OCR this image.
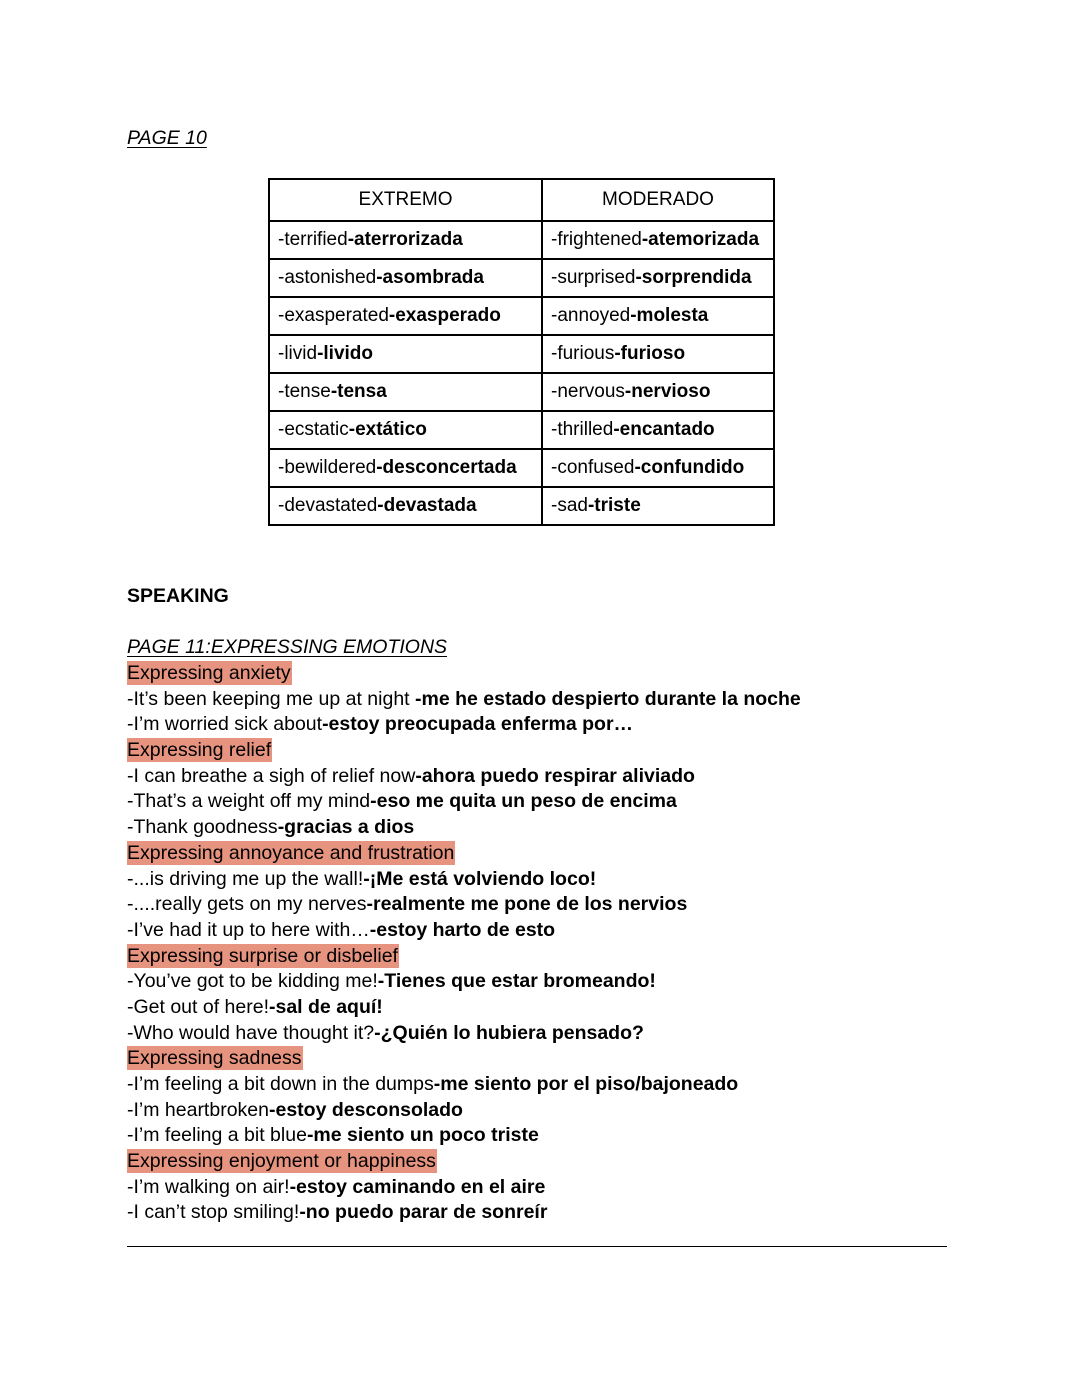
PAGE 10
EXTREMO	MODERADO
-terrified-aterrorizada	-frightened-atemorizada
-astonished-asombrada	-surprised-sorprendida
-exasperated-exasperado	-annoyed-molesta
-livid-livido	-furious-furioso
-tense-tensa	-nervous-nervioso
-ecstatic-extático	-thrilled-encantado
-bewildered-desconcertada	-confused-confundido
-devastated-devastada	-sad-triste
SPEAKING
PAGE 11:EXPRESSING EMOTIONS
Expressing anxiety
-It’s been keeping me up at night -me he estado despierto durante la noche
-I’m worried sick about-estoy preocupada enferma por…
Expressing relief
-I can breathe a sigh of relief now-ahora puedo respirar aliviado
-That’s a weight off my mind-eso me quita un peso de encima
-Thank goodness-gracias a dios
Expressing annoyance and frustration
-...is driving me up the wall!-¡Me está volviendo loco!
-....really gets on my nerves-realmente me pone de los nervios
-I’ve had it up to here with…-estoy harto de esto
Expressing surprise or disbelief
-You’ve got to be kidding me!-Tienes que estar bromeando!
-Get out of here!-sal de aquí!
-Who would have thought it?-¿Quién lo hubiera pensado?
Expressing sadness
-I’m feeling a bit down in the dumps-me siento por el piso/bajoneado
-I’m heartbroken-estoy desconsolado
-I’m feeling a bit blue-me siento un poco triste
Expressing enjoyment or happiness
-I’m walking on air!-estoy caminando en el aire
-I can’t stop smiling!-no puedo parar de sonreír
